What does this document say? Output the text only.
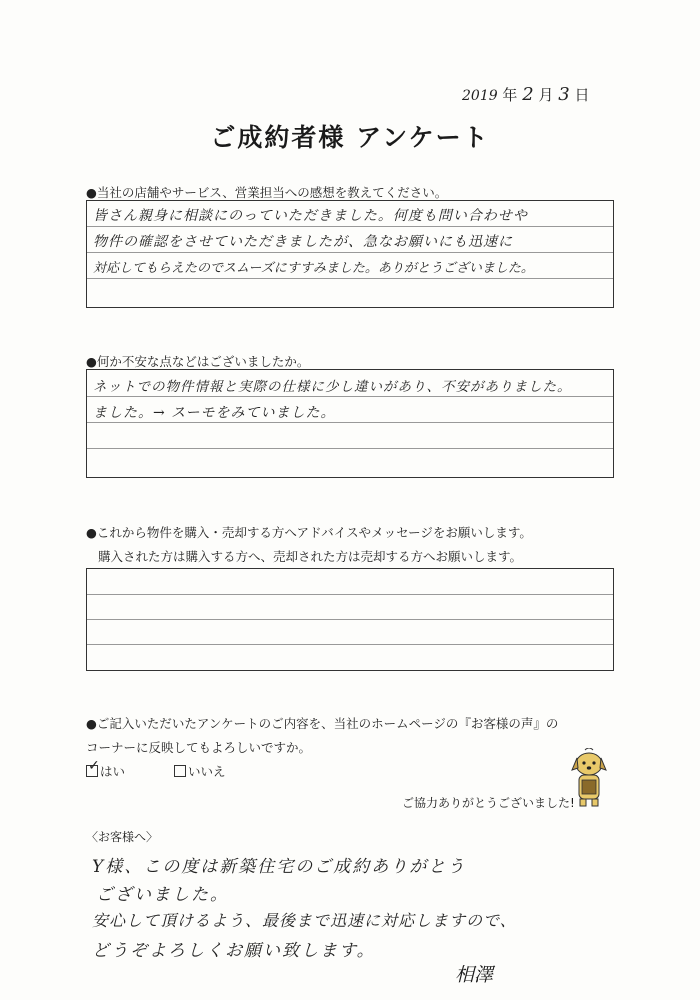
2019 年 2 月 3 日
ご成約者様 アンケート
●当社の店舗やサービス、営業担当への感想を教えてください。
皆さん親身に相談にのっていただきました。何度も問い合わせや
物件の確認をさせていただきましたが、急なお願いにも迅速に
対応してもらえたのでスムーズにすすみました。ありがとうございました。
●何か不安な点などはございましたか。
ネットでの物件情報と実際の仕様に少し違いがあり、不安がありました。
ました。→ スーモをみていました。
●これから物件を購入・売却する方へアドバイスやメッセージをお願いします。
購入された方は購入する方へ、売却された方は売却する方へお願いします。
●ご記入いただいたアンケートのご内容を、当社のホームページの『お客様の声』の
コーナーに反映してもよろしいですか。
✓はい	いいえ
ご協力ありがとうございました!
〈お客様へ〉
Y様、この度は新築住宅のご成約ありがとう
ございました。
安心して頂けるよう、最後まで迅速に対応しますので、
どうぞよろしくお願い致します。
相澤
